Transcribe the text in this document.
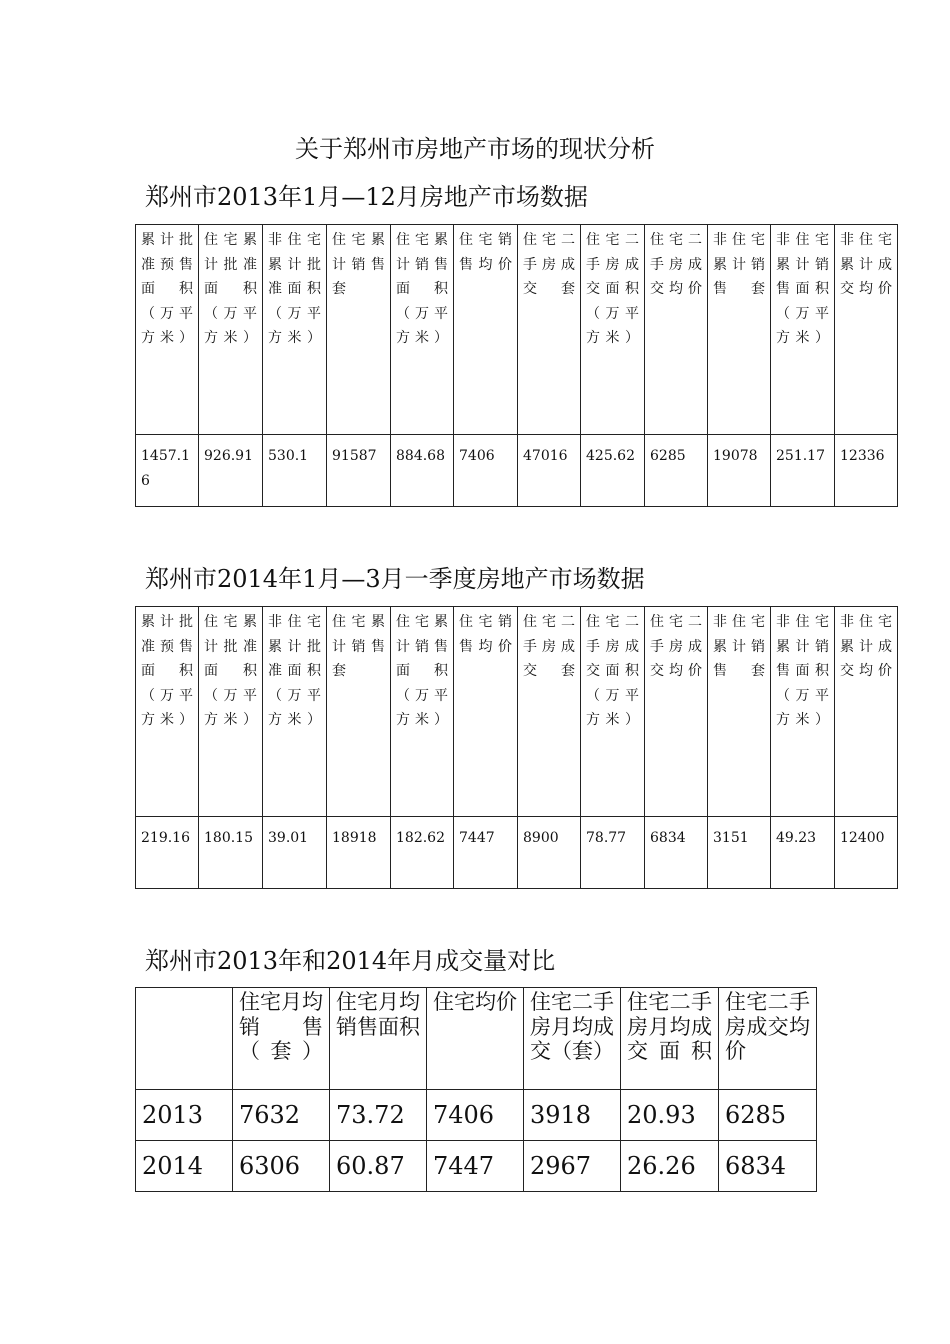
关于郑州市房地产市场的现状分析
郑州市2013年1月—12月房地产市场数据
累计批准预售面积（万平方米）	住宅累计批准面积（万平方米）	非住宅累计批准面积（万平方米）	住宅累计销售套	住宅累计销售面积（万平方米）	住宅销售均价	住宅二手房成交套	住宅二手房成交面积（万平方米）	住宅二手房成交均价	非住宅累计销售套	非住宅累计销售面积（万平方米）	非住宅累计成交均价
1457.16	926.91	530.1	91587	884.68	7406	47016	425.62	6285	19078	251.17	12336
郑州市2014年1月—3月一季度房地产市场数据
累计批准预售面积（万平方米）	住宅累计批准面积（万平方米）	非住宅累计批准面积（万平方米）	住宅累计销售套	住宅累计销售面积（万平方米）	住宅销售均价	住宅二手房成交套	住宅二手房成交面积（万平方米）	住宅二手房成交均价	非住宅累计销售套	非住宅累计销售面积（万平方米）	非住宅累计成交均价
219.16	180.15	39.01	18918	182.62	7447	8900	78.77	6834	3151	49.23	12400
郑州市2013年和2014年月成交量对比
	住宅月均销售（套）	住宅月均销售面积	住宅均价	住宅二手房月均成交（套）	住宅二手房月均成交面积	住宅二手房成交均价
2013	7632	73.72	7406	3918	20.93	6285
2014	6306	60.87	7447	2967	26.26	6834
